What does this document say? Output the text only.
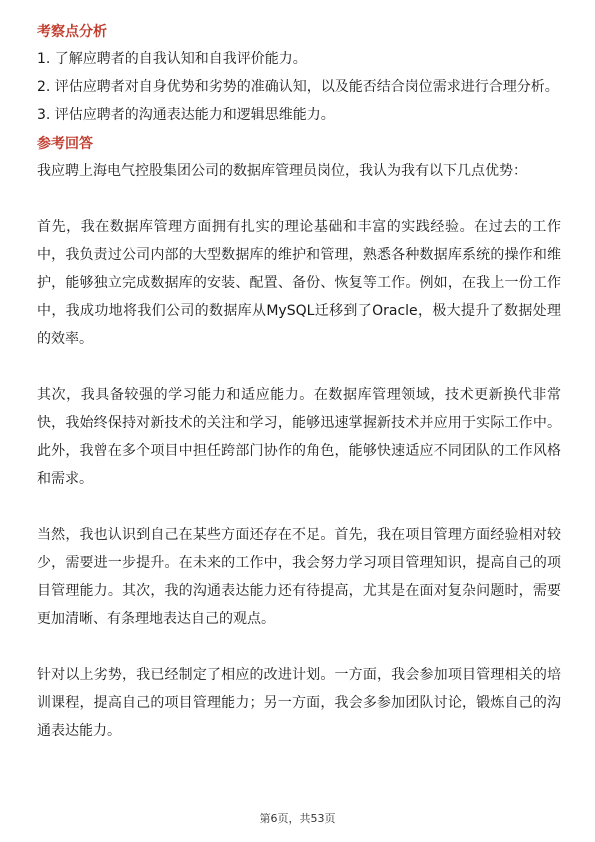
考察点分析

1. 了解应聘者的自我认知和自我评价能力。

2. 评估应聘者对自身优势和劣势的准确认知，以及能否结合岗位需求进行合理分析。

3. 评估应聘者的沟通表达能力和逻辑思维能力。

参考回答

我应聘上海电气控股集团公司的数据库管理员岗位，我认为我有以下几点优势：

首先，我在数据库管理方面拥有扎实的理论基础和丰富的实践经验。在过去的工作中，我负责过公司内部的大型数据库的维护和管理，熟悉各种数据库系统的操作和维护，能够独立完成数据库的安装、配置、备份、恢复等工作。例如，在我上一份工作中，我成功地将我们公司的数据库从MySQL迁移到了Oracle，极大提升了数据处理的效率。

其次，我具备较强的学习能力和适应能力。在数据库管理领域，技术更新换代非常快，我始终保持对新技术的关注和学习，能够迅速掌握新技术并应用于实际工作中。此外，我曾在多个项目中担任跨部门协作的角色，能够快速适应不同团队的工作风格和需求。

当然，我也认识到自己在某些方面还存在不足。首先，我在项目管理方面经验相对较少，需要进一步提升。在未来的工作中，我会努力学习项目管理知识，提高自己的项目管理能力。其次，我的沟通表达能力还有待提高，尤其是在面对复杂问题时，需要更加清晰、有条理地表达自己的观点。

针对以上劣势，我已经制定了相应的改进计划。一方面，我会参加项目管理相关的培训课程，提高自己的项目管理能力；另一方面，我会多参加团队讨论，锻炼自己的沟通表达能力。

第6页，共53页
